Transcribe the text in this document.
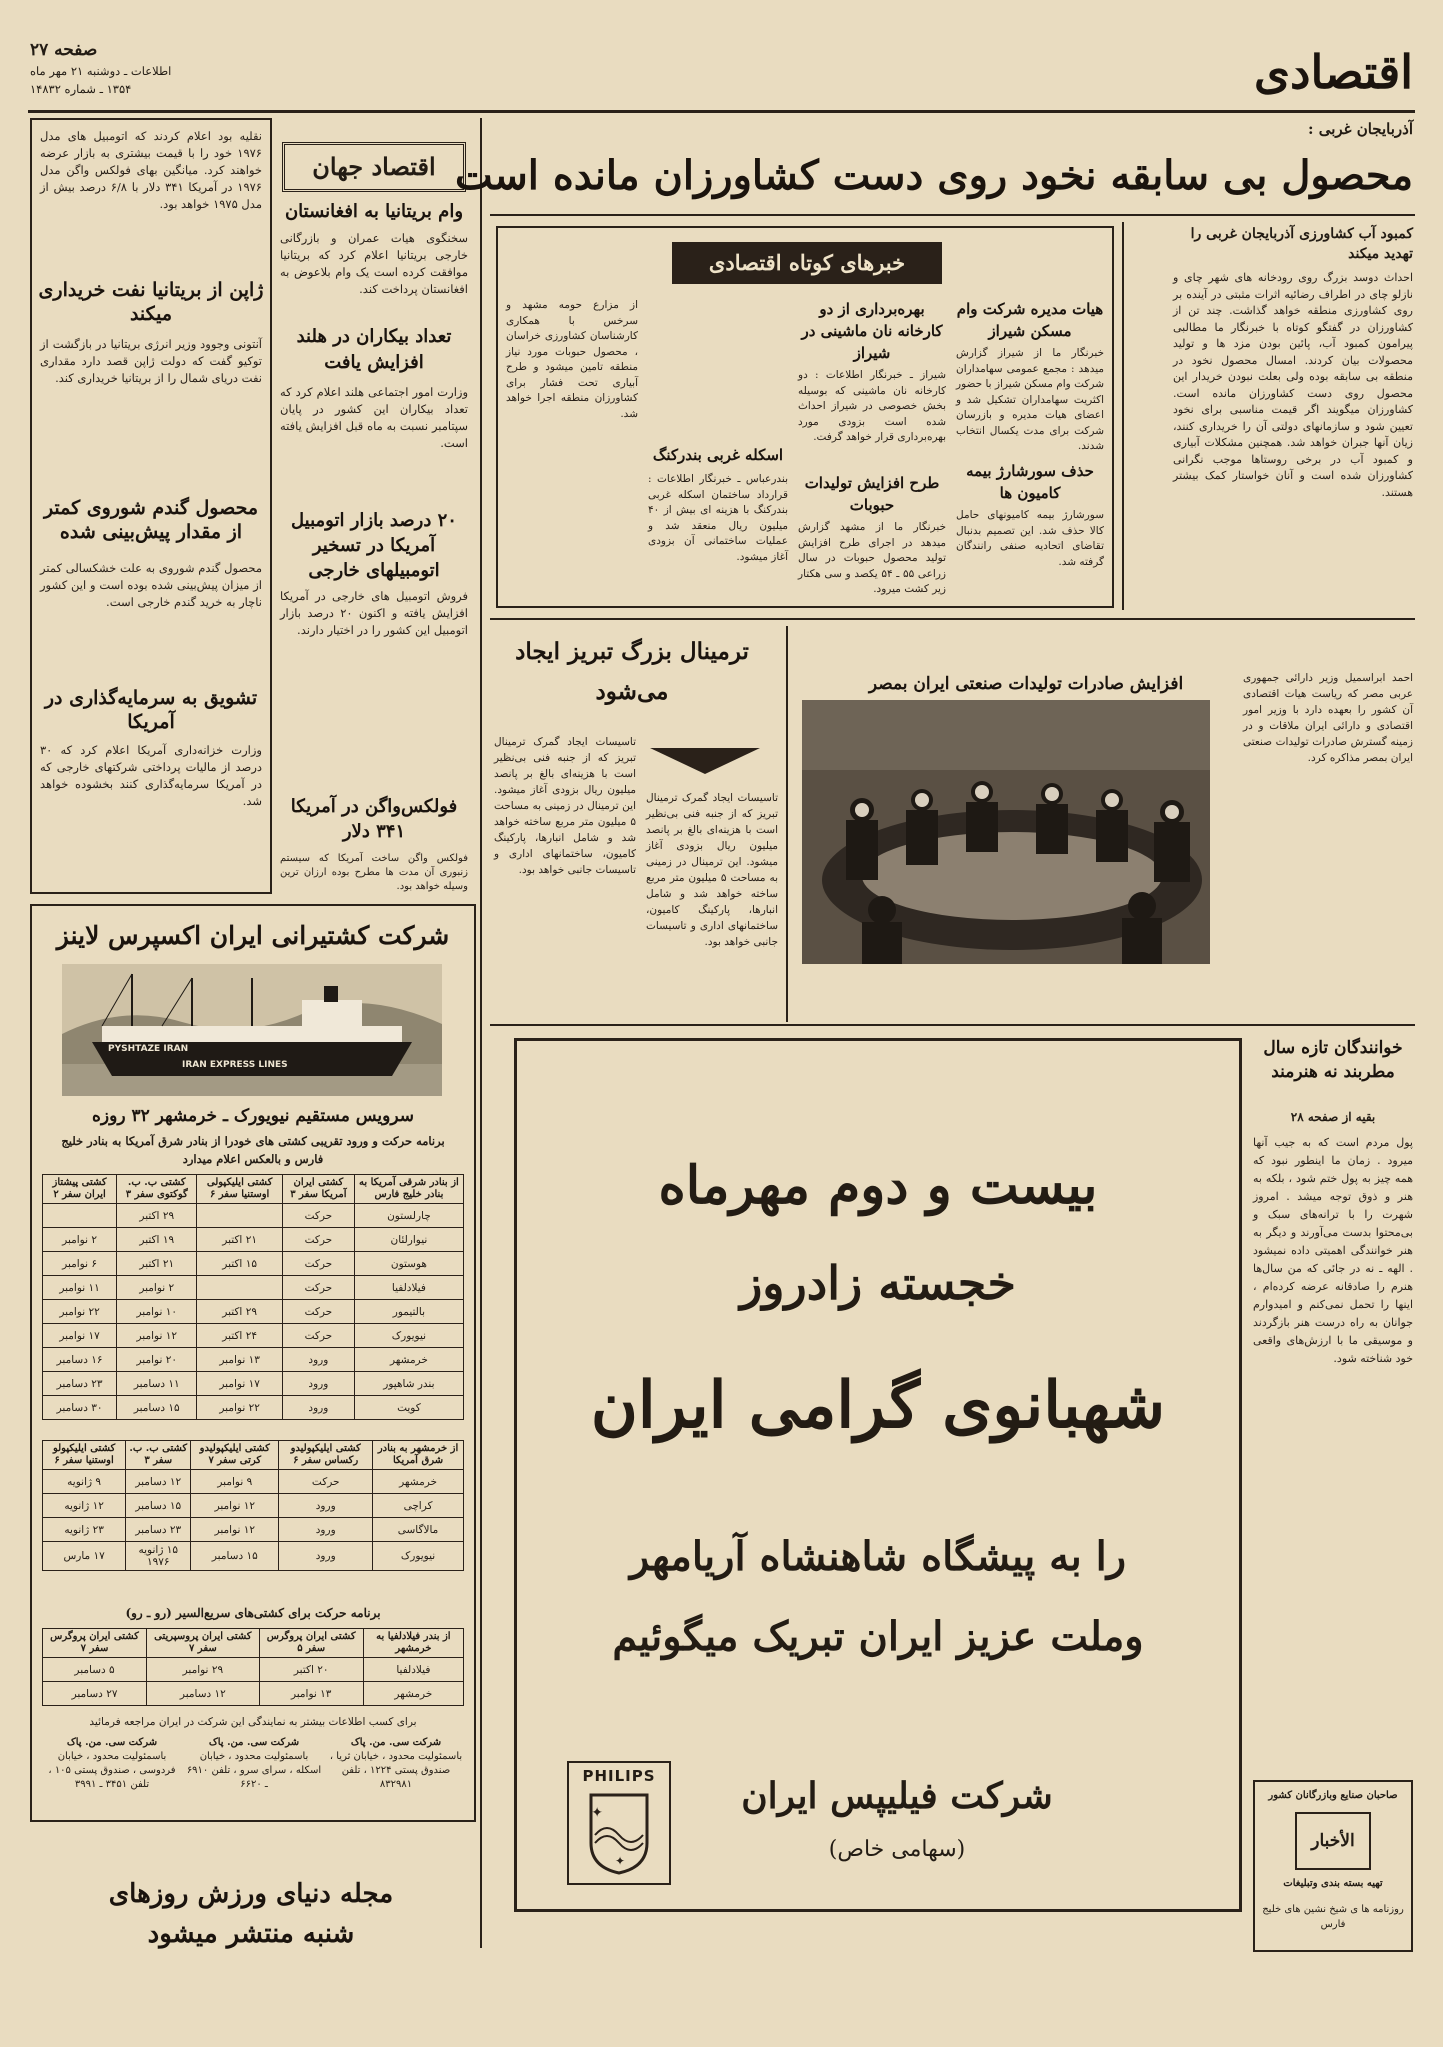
اقتصادی
صفحه ۲۷
اطلاعات ـ دوشنبه ۲۱ مهر ماه
۱۳۵۴ ـ شماره ۱۴۸۳۲
نقلیه بود اعلام کردند که اتومبیل های مدل ۱۹۷۶ خود را با قیمت بیشتری به بازار عرضه خواهند کرد. میانگین بهای فولکس واگن مدل ۱۹۷۶ در آمریکا ۳۴۱ دلار با ۶/۸ درصد بیش از مدل ۱۹۷۵ خواهد بود.
ژاپن از بریتانیا نفت خریداری میکند
آنتونی وجوود وزیر انرژی بریتانیا در بازگشت از توکیو گفت که دولت ژاپن قصد دارد مقداری نفت دریای شمال را از بریتانیا خریداری کند.
محصول گندم شوروی کمتر از مقدار پیش‌بینی شده
محصول گندم شوروی به علت خشکسالی کمتر از میزان پیش‌بینی شده بوده است و این کشور ناچار به خرید گندم خارجی است.
تشویق به سرمایه‌گذاری در آمریکا
وزارت خزانه‌داری آمریکا اعلام کرد که ۳۰ درصد از مالیات پرداختی شرکتهای خارجی که در آمریکا سرمایه‌گذاری کنند بخشوده خواهد شد.
اقتصاد جهان
وام بریتانیا به افغانستان
سخنگوی هیات عمران و بازرگانی خارجی بریتانیا اعلام کرد که بریتانیا موافقت کرده است یک وام بلاعوض به افغانستان پرداخت کند.
تعداد بیکاران در هلند افزایش یافت
وزارت امور اجتماعی هلند اعلام کرد که تعداد بیکاران این کشور در پایان سپتامبر نسبت به ماه قبل افزایش یافته است.
۲۰ درصد بازار اتومبیل آمریکا در تسخیر اتومبیلهای خارجی
فروش اتومبیل های خارجی در آمریکا افزایش یافته و اکنون ۲۰ درصد بازار اتومبیل این کشور را در اختیار دارند.
فولکس‌واگن در آمریکا ۳۴۱ دلار
فولکس واگن ساخت آمریکا که سیستم زنبوری آن مدت ها مطرح بوده ارزان ترین وسیله خواهد بود.
آذربایجان غربی :
محصول بی سابقه نخود روی دست کشاورزان مانده است
کمبود آب کشاورزی آذربایجان غربی را تهدید میکند
احداث دوسد بزرگ روی رودخانه های شهر چای و نازلو چای در اطراف رضائیه اثرات مثبتی در آینده بر روی کشاورزی منطقه خواهد گذاشت. چند تن از کشاورزان در گفتگو کوتاه با خبرنگار ما مطالبی پیرامون کمبود آب، پائین بودن مزد ها و تولید محصولات بیان کردند. امسال محصول نخود در منطقه بی سابقه بوده ولی بعلت نبودن خریدار این محصول روی دست کشاورزان مانده است. کشاورزان میگویند اگر قیمت مناسبی برای نخود تعیین شود و سازمانهای دولتی آن را خریداری کنند، زیان آنها جبران خواهد شد. همچنین مشکلات آبیاری و کمبود آب در برخی روستاها موجب نگرانی کشاورزان شده است و آنان خواستار کمک بیشتر هستند.
خبرهای کوتاه اقتصادی
هیات مدیره شرکت وام مسکن شیراز
خبرنگار ما از شیراز گزارش میدهد : مجمع عمومی سهامداران شرکت وام مسکن شیراز با حضور اکثریت سهامداران تشکیل شد و اعضای هیات مدیره و بازرسان شرکت برای مدت یکسال انتخاب شدند.
حذف سورشارژ بیمه کامیون ها
سورشارژ بیمه کامیونهای حامل کالا حذف شد. این تصمیم بدنبال تقاضای اتحادیه صنفی رانندگان گرفته شد.
بهره‌برداری از دو کارخانه نان ماشینی در شیراز
شیراز ـ خبرنگار اطلاعات : دو کارخانه نان ماشینی که بوسیله بخش خصوصی در شیراز احداث شده است بزودی مورد بهره‌برداری قرار خواهد گرفت.
طرح افزایش تولیدات حبوبات
خبرنگار ما از مشهد گزارش میدهد در اجرای طرح افزایش تولید محصول حبوبات در سال زراعی ۵۵ ـ ۵۴ یکصد و سی هکتار زیر کشت میرود.
اسکله غربی بندرکنگ
بندرعباس ـ خبرنگار اطلاعات : قرارداد ساختمان اسکله غربی بندرکنگ با هزینه ای بیش از ۴۰ میلیون ریال منعقد شد و عملیات ساختمانی آن بزودی آغاز میشود.
از مزارع حومه مشهد و سرخس با همکاری کارشناسان کشاورزی خراسان ، محصول حبوبات مورد نیاز منطقه تامین میشود و طرح آبیاری تحت فشار برای کشاورزان منطقه اجرا خواهد شد.
ترمینال بزرگ تبریز ایجاد می‌شود
تاسیسات ایجاد گمرک ترمینال تبریز که از جنبه فنی بی‌نظیر است با هزینه‌ای بالغ بر پانصد میلیون ریال بزودی آغاز میشود. این ترمینال در زمینی به مساحت ۵ میلیون متر مربع ساخته خواهد شد و شامل انبارها، پارکینگ کامیون، ساختمانهای اداری و تاسیسات جانبی خواهد بود.
تاسیسات ایجاد گمرک ترمینال تبریز که از جنبه فنی بی‌نظیر است با هزینه‌ای بالغ بر پانصد میلیون ریال بزودی آغاز میشود. این ترمینال در زمینی به مساحت ۵ میلیون متر مربع ساخته خواهد شد و شامل انبارها، پارکینگ کامیون، ساختمانهای اداری و تاسیسات جانبی خواهد بود.
افزایش صادرات تولیدات صنعتی ایران بمصر	احمد ابراسمیل وزیر دارائی جمهوری عربی مصر که ریاست هیات اقتصادی آن کشور را بعهده دارد با وزیر امور اقتصادی و دارائی ایران ملاقات و در زمینه گسترش صادرات تولیدات صنعتی ایران بمصر مذاکره کرد.
خوانندگان تازه سال مطربند نه هنرمند
بقیه از صفحه ۲۸
پول مردم است که به جیب آنها میرود . زمان ما اینطور نبود که همه چیز به پول ختم شود ، بلکه به هنر و ذوق توجه میشد . امروز شهرت را با ترانه‌های سبک و بی‌محتوا بدست می‌آورند و دیگر به هنر خوانندگی اهمیتی داده نمیشود . الهه ـ نه در جائی که من سال‌ها هنرم را صادقانه عرضه کرده‌ام ، اینها را تحمل نمی‌کنم و امیدوارم جوانان به راه درست هنر بازگردند و موسیقی ما با ارزش‌های واقعی خود شناخته شود.
صاحبان صنایع وبازرگانان کشور
الأخبار
تهیه بسته بندی وتبلیغات
روزنامه ها ی شیخ نشین های خلیج فارس
بیست و دوم مهرماه
خجسته زادروز
شهبانوی گرامی ایران
را به پیشگاه شاهنشاه آریامهر
وملت عزیز ایران تبریک میگوئیم
PHILIPS
✦
✦
شرکت فیلیپس ایران
(سهامی خاص)
شرکت کشتیرانی ایران اکسپرس لاینز
PYSHTAZE IRAN
IRAN EXPRESS LINES
سرویس مستقیم نیویورک ـ خرمشهر ۳۲ روزه
برنامه حرکت و ورود تقریبی کشتی های خودرا از بنادر شرق آمریکا به بنادر خلیج فارس و بالعکس اعلام میدارد
از بنادر شرقی آمریکا به بنادر خلیج فارس	کشتی ایران آمریکا سفر ۳	کشتی ایلیکپولی اوستنیا سفر ۶	کشتی ب. ب. گوکتوی سفر ۳	کشتی پیشتاز ایران سفر ۲
چارلستون	حرکت		۲۹ اکتبر	
نیوارلئان	حرکت	۲۱ اکتبر	۱۹ اکتبر	۲ نوامبر
هوستون	حرکت	۱۵ اکتبر	۲۱ اکتبر	۶ نوامبر
فیلادلفیا	حرکت		۲ نوامبر	۱۱ نوامبر
بالتیمور	حرکت	۲۹ اکتبر	۱۰ نوامبر	۲۲ نوامبر
نیویورک	حرکت	۲۴ اکتبر	۱۲ نوامبر	۱۷ نوامبر
خرمشهر	ورود	۱۳ نوامبر	۲۰ نوامبر	۱۶ دسامبر
بندر شاهپور	ورود	۱۷ نوامبر	۱۱ دسامبر	۲۳ دسامبر
کویت	ورود	۲۲ نوامبر	۱۵ دسامبر	۳۰ دسامبر
از خرمشهر به بنادر شرق آمریکا	کشتی ایلیکپولیدو رکساس سفر ۶	کشتی ایلیکپولیدو کرتی سفر ۷	کشتی ب. ب. سفر ۳	کشتی ایلیکپولو اوستنیا سفر ۶
خرمشهر	حرکت	۹ نوامبر	۱۲ دسامبر	۹ ژانویه
کراچی	ورود	۱۲ نوامبر	۱۵ دسامبر	۱۲ ژانویه
مالاگاسی	ورود	۱۲ نوامبر	۲۳ دسامبر	۲۳ ژانویه
نیویورک	ورود	۱۵ دسامبر	۱۵ ژانویه ۱۹۷۶	۱۷ مارس
برنامه حرکت برای کشتی‌های سریع‌السیر (رو ـ رو)
از بندر فیلادلفیا به خرمشهر	کشتی ایران پروگرس سفر ۵	کشتی ایران پروسپریتی سفر ۷	کشتی ایران پروگرس سفر ۷
فیلادلفیا	۲۰ اکتبر	۲۹ نوامبر	۵ دسامبر
خرمشهر	۱۳ نوامبر	۱۲ دسامبر	۲۷ دسامبر
برای کسب اطلاعات بیشتر به نمایندگی این شرکت در ایران مراجعه فرمائید
شرکت سی. من. پاک
باسمئولیت محدود ، خیابان ثریا ، صندوق پستی ۱۲۲۴ ، تلفن ۸۳۲۹۸۱
شرکت سی. من. پاک
باسمئولیت محدود ، خیابان اسکله ، سرای سرو ، تلفن ۶۹۱۰ ـ ۶۶۲۰
شرکت سی. من. پاک
باسمئولیت محدود ، خیابان فردوسی ، صندوق پستی ۱۰۵ ، تلفن ۳۴۵۱ ـ ۳۹۹۱
مجله دنیای ورزش روزهای
شنبه منتشر میشود
